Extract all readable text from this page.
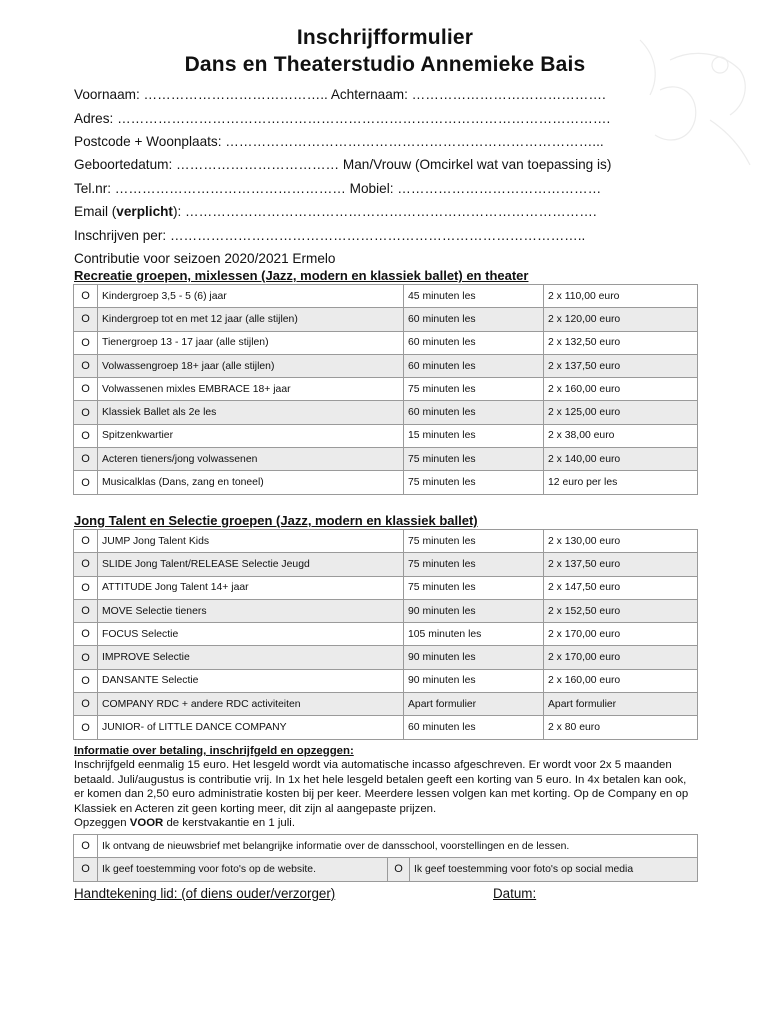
Inschrijfformulier
Dans en Theaterstudio Annemieke Bais
Voornaam: ………………………………….. Achternaam: …………………………………….
Adres: ……………………………………………………………………………………………….
Postcode + Woonplaats: ………………………………………………………………………...
Geboortedatum: ……………………………… Man/Vrouw (Omcirkel wat van toepassing is)
Tel.nr: …………………………………………… Mobiel: ………………………………………
Email (verplicht): ……………………………………………………………………………….
Inschrijven per: ………………………………………………………………………………..
Contributie voor seizoen 2020/2021 Ermelo
Recreatie groepen, mixlessen (Jazz, modern en klassiek ballet) en theater
O	Kindergroep 3,5 - 5 (6) jaar	45 minuten les	2 x 110,00 euro
O	Kindergroep tot en met 12 jaar (alle stijlen)	60 minuten les	2 x 120,00 euro
O	Tienergroep 13 - 17 jaar (alle stijlen)	60 minuten les	2 x 132,50 euro
O	Volwassengroep 18+ jaar (alle stijlen)	60 minuten les	2 x 137,50 euro
O	Volwassenen mixles EMBRACE 18+ jaar	75 minuten les	2 x 160,00 euro
O	Klassiek Ballet als 2e les	60 minuten les	2 x 125,00 euro
O	Spitzenkwartier	15 minuten les	2 x 38,00 euro
O	Acteren tieners/jong volwassenen	75 minuten les	2 x 140,00 euro
O	Musicalklas (Dans, zang en toneel)	75 minuten les	12 euro per les
Jong Talent en Selectie groepen (Jazz, modern en klassiek ballet)
O	JUMP Jong Talent Kids	75 minuten les	2 x 130,00 euro
O	SLIDE Jong Talent/RELEASE Selectie Jeugd	75 minuten les	2 x 137,50 euro
O	ATTITUDE Jong Talent 14+ jaar	75 minuten les	2 x 147,50 euro
O	MOVE Selectie tieners	90 minuten les	2 x 152,50 euro
O	FOCUS Selectie	105 minuten les	2 x 170,00 euro
O	IMPROVE Selectie	90 minuten les	2 x 170,00 euro
O	DANSANTE Selectie	90 minuten les	2 x 160,00 euro
O	COMPANY RDC + andere RDC activiteiten	Apart formulier	Apart formulier
O	JUNIOR- of LITTLE DANCE COMPANY	60 minuten les	2 x 80 euro
Informatie over betaling, inschrijfgeld en opzeggen:
Inschrijfgeld eenmalig 15 euro. Het lesgeld wordt via automatische incasso afgeschreven. Er wordt voor 2x 5 maanden betaald. Juli/augustus is contributie vrij. In 1x het hele lesgeld betalen geeft een korting van 5 euro. In 4x betalen kan ook, er komen dan 2,50 euro administratie kosten bij per keer. Meerdere lessen volgen kan met korting. Op de Company en op Klassiek en Acteren zit geen korting meer, dit zijn al aangepaste prijzen.
Opzeggen VOOR de kerstvakantie en 1 juli.
O	Ik ontvang de nieuwsbrief met belangrijke informatie over de dansschool, voorstellingen en de lessen.		
O	Ik geef toestemming voor foto's op de website.	O	Ik geef toestemming voor foto's op social media
Handtekening lid: (of diens ouder/verzorger)	Datum:
